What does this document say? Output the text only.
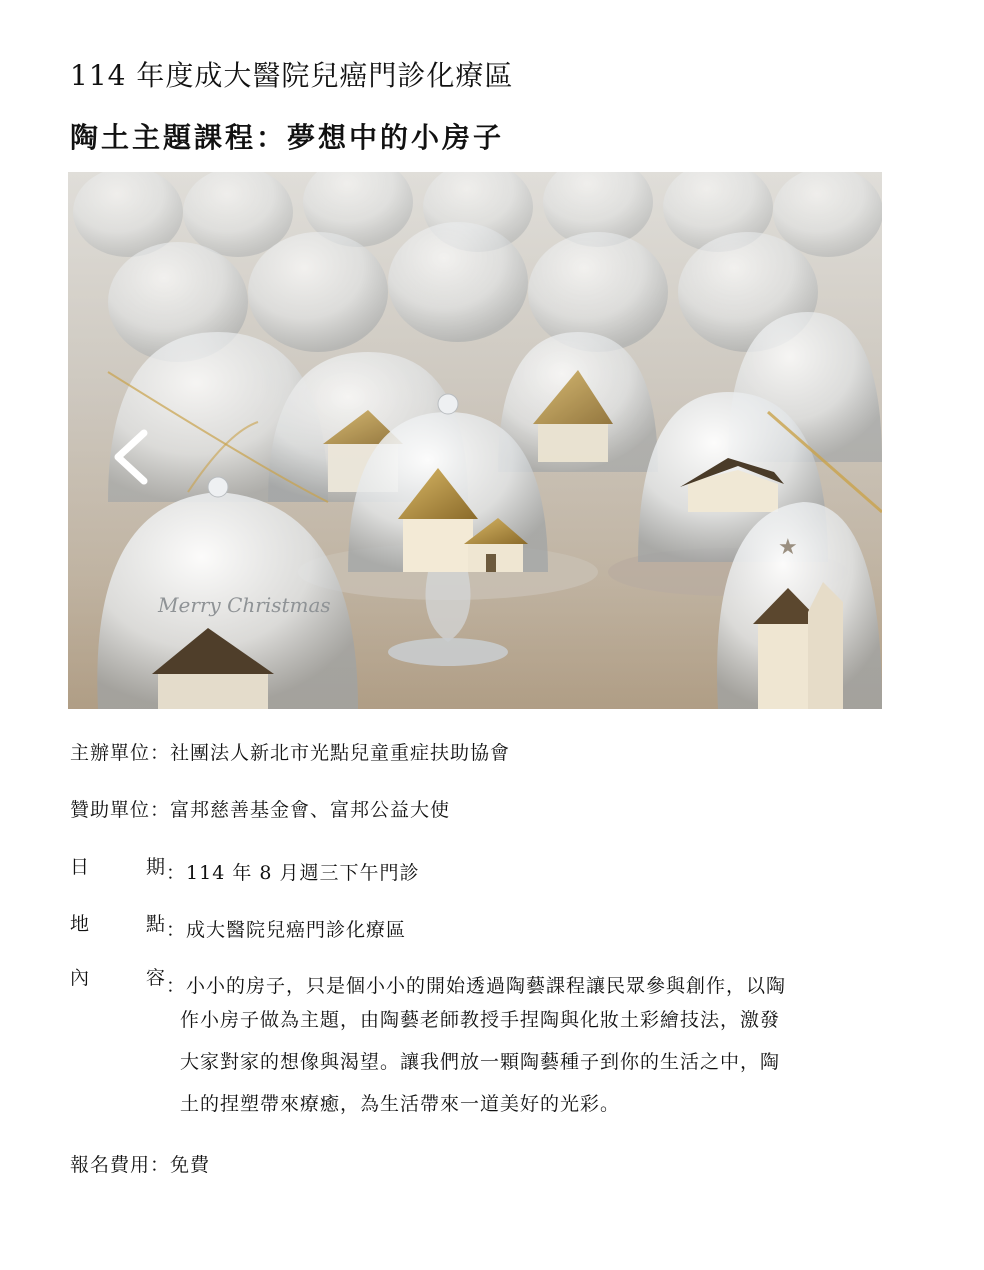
114 年度成大醫院兒癌門診化療區
陶土主題課程：夢想中的小房子
★
Merry Christmas
主辦單位：社團法人新北市光點兒童重症扶助協會
贊助單位：富邦慈善基金會、富邦公益大使
日	期 ：114 年 8 月週三下午門診
地	點 ：成大醫院兒癌門診化療區
內	容 ：小小的房子，只是個小小的開始透過陶藝課程讓民眾參與創作，以陶
作小房子做為主題，由陶藝老師教授手捏陶與化妝土彩繪技法，激發
大家對家的想像與渴望。讓我們放一顆陶藝種子到你的生活之中，陶
土的捏塑帶來療癒，為生活帶來一道美好的光彩。
報名費用：免費
